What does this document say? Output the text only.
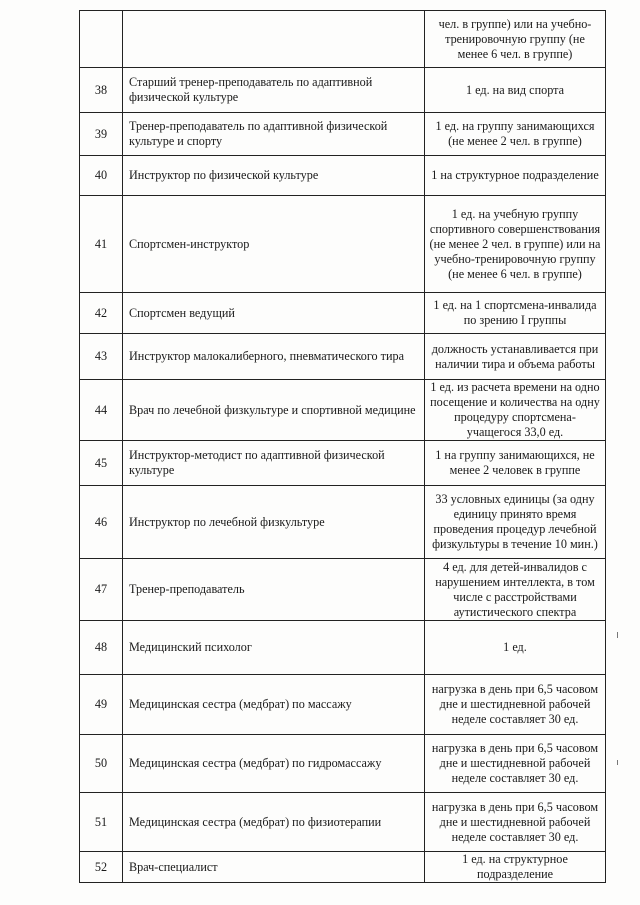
		чел. в группе) или на учебно-тренировочную группу (не менее 6 чел. в группе)
38	Старший тренер-преподаватель по адаптивной физической культуре	1 ед. на вид спорта
39	Тренер-преподаватель по адаптивной физической культуре и спорту	1 ед. на группу занимающихся (не менее 2 чел. в группе)
40	Инструктор по физической культуре	1 на структурное подразделение
41	Спортсмен-инструктор	1 ед. на учебную группу спортивного совершенствования (не менее 2 чел. в группе) или на учебно-тренировочную группу (не менее 6 чел. в группе)
42	Спортсмен ведущий	1 ед. на 1 спортсмена-инвалида по зрению I группы
43	Инструктор малокалиберного, пневматического тира	должность устанавливается при наличии тира и объема работы
44	Врач по лечебной физкультуре и спортивной медицине	1 ед. из расчета времени на одно посещение и количества на одну процедуру спортсмена-учащегося 33,0 ед.
45	Инструктор-методист по адаптивной физической культуре	1 на группу занимающихся, не менее 2 человек в группе
46	Инструктор по лечебной физкультуре	33 условных единицы (за одну единицу принято время проведения процедур лечебной физкультуры в течение 10 мин.)
47	Тренер-преподаватель	4 ед. для детей-инвалидов с нарушением интеллекта, в том числе с расстройствами аутистического спектра
48	Медицинский психолог	1 ед.
49	Медицинская сестра (медбрат) по массажу	нагрузка в день при 6,5 часовом дне и шестидневной рабочей неделе составляет 30 ед.
50	Медицинская сестра (медбрат) по гидромассажу	нагрузка в день при 6,5 часовом дне и шестидневной рабочей неделе составляет 30 ед.
51	Медицинская сестра (медбрат) по физиотерапии	нагрузка в день при 6,5 часовом дне и шестидневной рабочей неделе составляет 30 ед.
52	Врач-специалист	1 ед. на структурное подразделение
